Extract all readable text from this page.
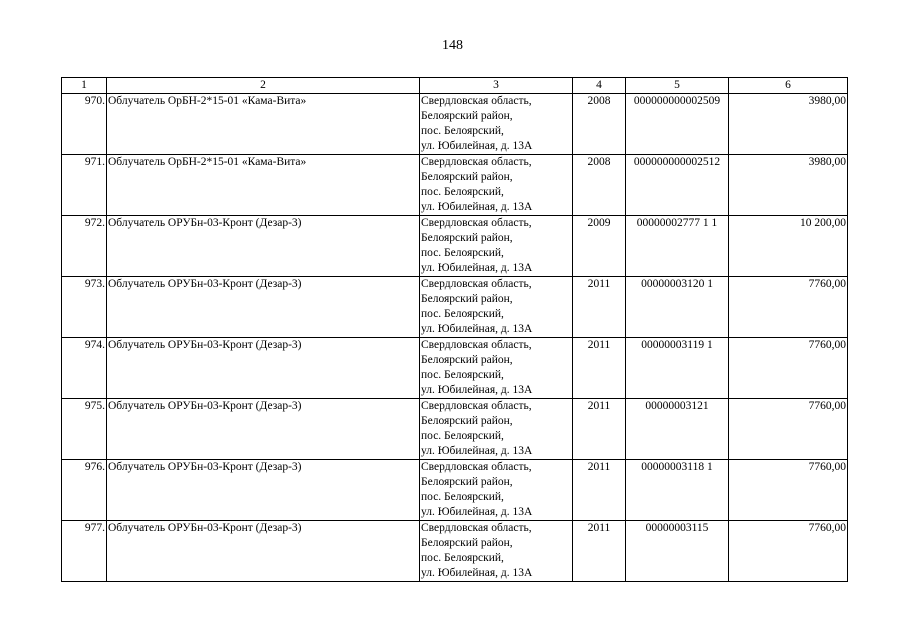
148
1	2	3	4	5	6
970.	Облучатель ОрБН-2*15-01 «Кама-Вита»	Свердловская область,
Белоярский район,
пос. Белоярский,
ул. Юбилейная, д. 13А	2008	000000000002509	3980,00
971.	Облучатель ОрБН-2*15-01 «Кама-Вита»	Свердловская область,
Белоярский район,
пос. Белоярский,
ул. Юбилейная, д. 13А	2008	000000000002512	3980,00
972.	Облучатель ОРУБн-03-Кронт (Дезар-3)	Свердловская область,
Белоярский район,
пос. Белоярский,
ул. Юбилейная, д. 13А	2009	00000002777 1 1	10 200,00
973.	Облучатель ОРУБн-03-Кронт (Дезар-3)	Свердловская область,
Белоярский район,
пос. Белоярский,
ул. Юбилейная, д. 13А	2011	00000003120 1	7760,00
974.	Облучатель ОРУБн-03-Кронт (Дезар-3)	Свердловская область,
Белоярский район,
пос. Белоярский,
ул. Юбилейная, д. 13А	2011	00000003119 1	7760,00
975.	Облучатель ОРУБн-03-Кронт (Дезар-3)	Свердловская область,
Белоярский район,
пос. Белоярский,
ул. Юбилейная, д. 13А	2011	00000003121	7760,00
976.	Облучатель ОРУБн-03-Кронт (Дезар-3)	Свердловская область,
Белоярский район,
пос. Белоярский,
ул. Юбилейная, д. 13А	2011	00000003118 1	7760,00
977.	Облучатель ОРУБн-03-Кронт (Дезар-3)	Свердловская область,
Белоярский район,
пос. Белоярский,
ул. Юбилейная, д. 13А	2011	00000003115	7760,00
